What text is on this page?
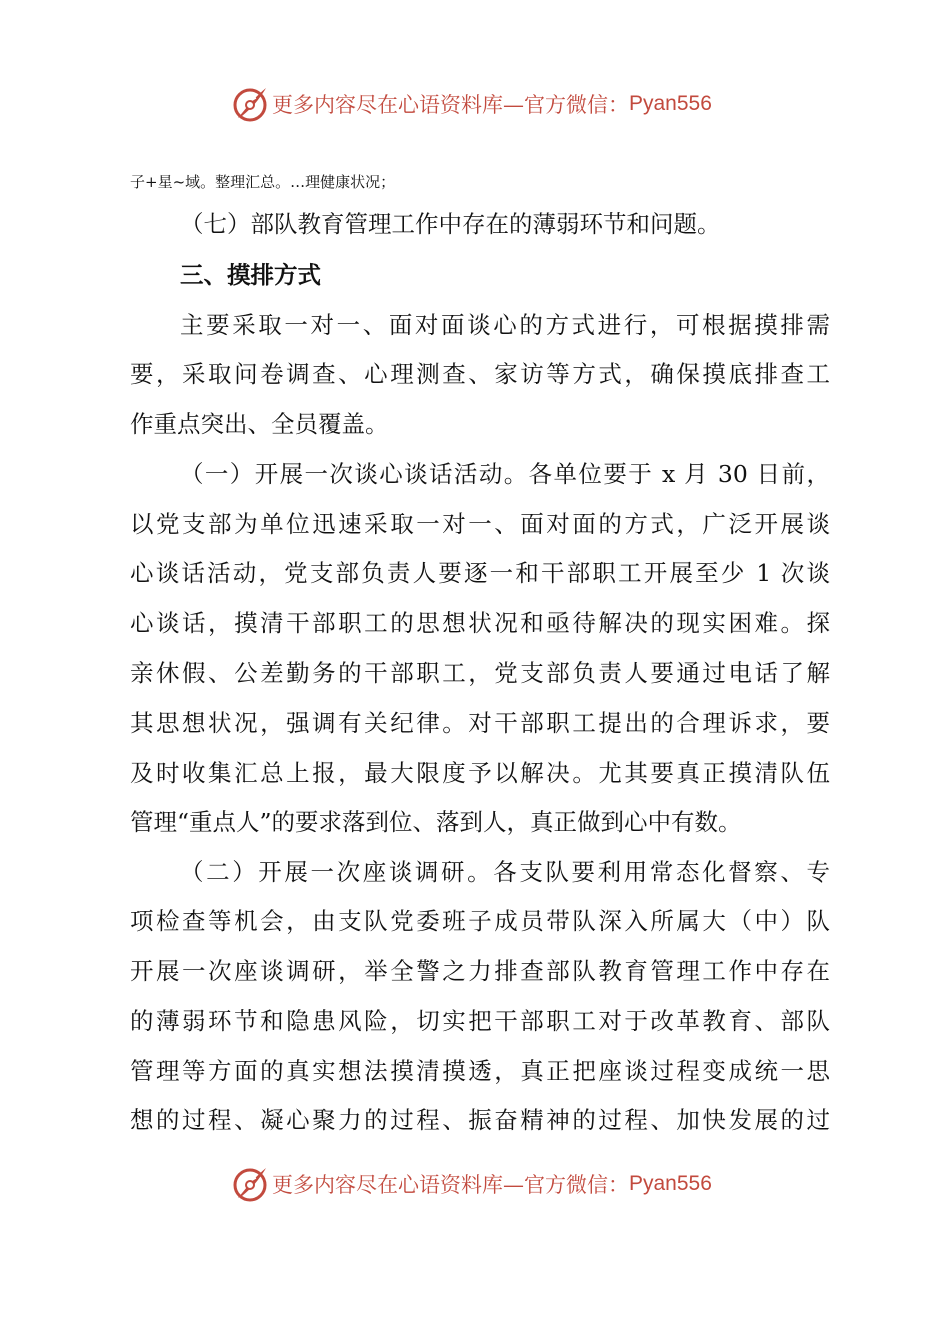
更多内容尽在心语资料库—官方微信： Pyan556
子+星~域。整理汇总。…理健康状况；
（七）部队教育管理工作中存在的薄弱环节和问题。
三、摸排方式
主要采取一对一、面对面谈心的方式进行，可根据摸排需
要，采取问卷调查、心理测查、家访等方式，确保摸底排查工
作重点突出、全员覆盖。
（一）开展一次谈心谈话活动。各单位要于 x 月 30 日前，
以党支部为单位迅速采取一对一、面对面的方式，广泛开展谈
心谈话活动，党支部负责人要逐一和干部职工开展至少 1 次谈
心谈话，摸清干部职工的思想状况和亟待解决的现实困难。探
亲休假、公差勤务的干部职工，党支部负责人要通过电话了解
其思想状况，强调有关纪律。对干部职工提出的合理诉求，要
及时收集汇总上报，最大限度予以解决。尤其要真正摸清队伍
管理“重点人”的要求落到位、落到人，真正做到心中有数。
（二）开展一次座谈调研。各支队要利用常态化督察、专
项检查等机会，由支队党委班子成员带队深入所属大（中）队
开展一次座谈调研，举全警之力排查部队教育管理工作中存在
的薄弱环节和隐患风险，切实把干部职工对于改革教育、部队
管理等方面的真实想法摸清摸透，真正把座谈过程变成统一思
想的过程、凝心聚力的过程、振奋精神的过程、加快发展的过
更多内容尽在心语资料库—官方微信： Pyan556
